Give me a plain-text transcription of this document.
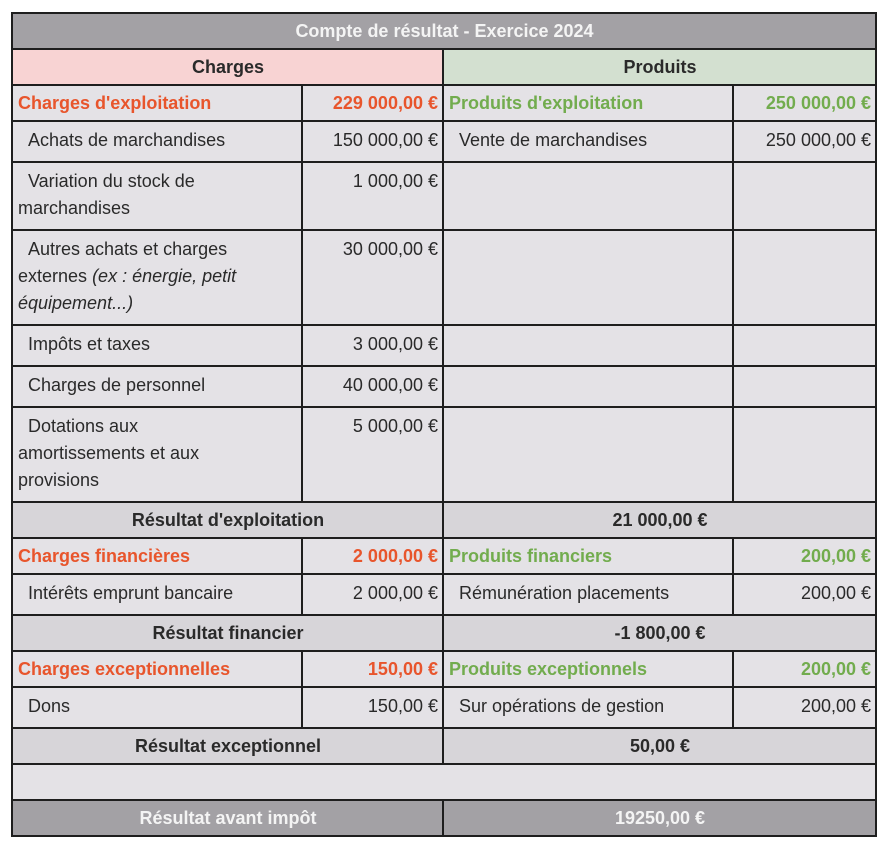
Compte de résultat - Exercice 2024			
Charges		Produits	
Charges d'exploitation	229 000,00 €	Produits d'exploitation	250 000,00 €

Achats de marchandises	150 000,00 €	Vente de marchandises	250 000,00 €

Variation du stock de
marchandises	1 000,00 €		

Autres achats et charges
externes (ex : énergie, petit
équipement...)	30 000,00 €		

Impôts et taxes	3 000,00 €		

Charges de personnel	40 000,00 €		

Dotations aux
amortissements et aux
provisions	5 000,00 €		
Résultat d'exploitation		21 000,00 €	
Charges financières	2 000,00 €	Produits financiers	200,00 €

Intérêts emprunt bancaire	2 000,00 €	Rémunération placements	200,00 €
Résultat financier		-1 800,00 €	
Charges exceptionnelles	150,00 €	Produits exceptionnels	200,00 €

Dons	150,00 €	Sur opérations de gestion	200,00 €
Résultat exceptionnel		50,00 €	

Résultat avant impôt		19250,00 €	
